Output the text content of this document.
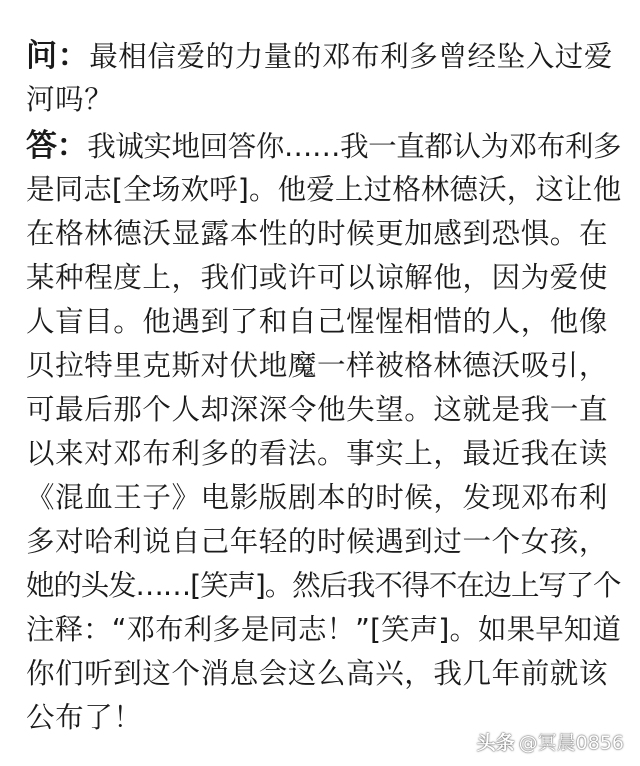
问：最相信爱的力量的邓布利多曾经坠入过爱
河吗？
答：我诚实地回答你……我一直都认为邓布利多
是同志[全场欢呼]。他爱上过格林德沃，这让他
在格林德沃显露本性的时候更加感到恐惧。在
某种程度上，我们或许可以谅解他，因为爱使
人盲目。他遇到了和自己惺惺相惜的人，他像
贝拉特里克斯对伏地魔一样被格林德沃吸引，
可最后那个人却深深令他失望。这就是我一直
以来对邓布利多的看法。事实上，最近我在读
《混血王子》电影版剧本的时候，发现邓布利
多对哈利说自己年轻的时候遇到过一个女孩，
她的头发……[笑声]。然后我不得不在边上写了个
注释：“邓布利多是同志！”[笑声]。如果早知道
你们听到这个消息会这么高兴，我几年前就该
公布了！
头条 @冥晨0856
